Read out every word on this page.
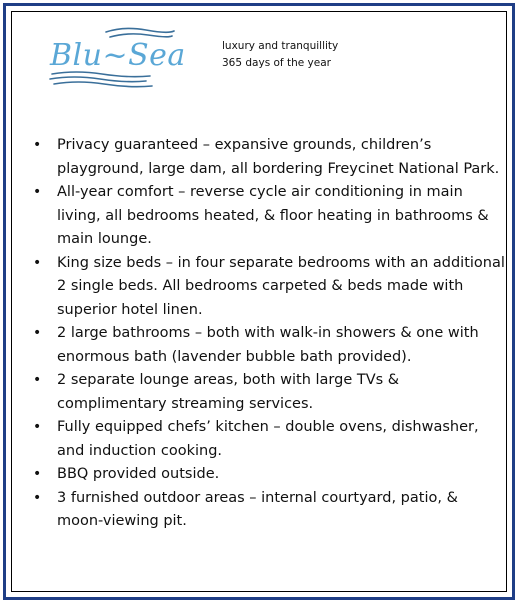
Blu~Sea	luxury and tranquillity
365 days of the year
•	Privacy guaranteed – expansive grounds, children’s playground, large dam, all bordering Freycinet National Park.
•	All-year comfort – reverse cycle air conditioning in main living, all bedrooms heated, & floor heating in bathrooms & main lounge.
•	King size beds – in four separate bedrooms with an additional 2 single beds. All bedrooms carpeted & beds made with superior hotel linen.
•	2 large bathrooms – both with walk-in showers & one with enormous bath (lavender bubble bath provided).
•	2 separate lounge areas, both with large TVs & complimentary streaming services.
•	Fully equipped chefs’ kitchen – double ovens, dishwasher, and induction cooking.
•	BBQ provided outside.
•	3 furnished outdoor areas – internal courtyard, patio, & moon-viewing pit.
